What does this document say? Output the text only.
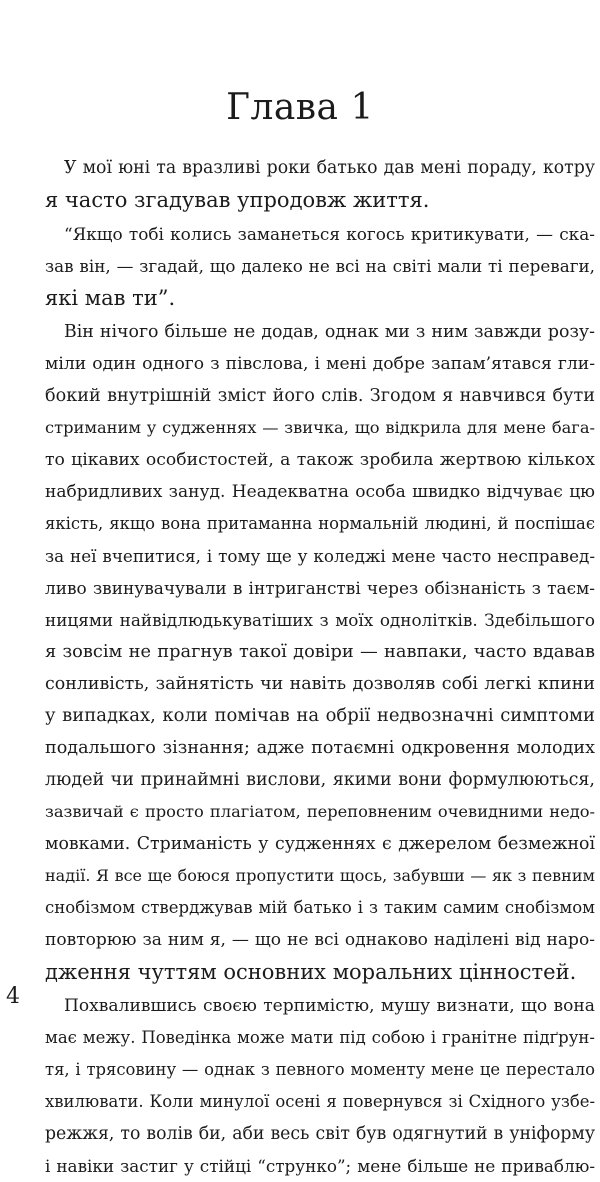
Глава 1
У мої юні та вразливі роки батько дав мені пораду, котру
я часто згадував упродовж життя.
“Якщо тобі колись заманеться когось критикувати, — ска-
зав він, — згадай, що далеко не всі на світі мали ті переваги,
які мав ти”.
Він нічого більше не додав, однак ми з ним завжди розу-
міли один одного з півслова, і мені добре запам’ятався гли-
бокий внутрішній зміст його слів. Згодом я навчився бути
стриманим у судженнях — звичка, що відкрила для мене бага-
то цікавих особистостей, а також зробила жертвою кількох
набридливих зануд. Неадекватна особа швидко відчуває цю
якість, якщо вона притаманна нормальній людині, й поспішає
за неї вчепитися, і тому ще у коледжі мене часто несправед-
ливо звинувачували в інтриганстві через обізнаність з таєм-
ницями найвідлюдькуватіших з моїх однолітків. Здебільшого
я зовсім не прагнув такої довіри — навпаки, часто вдавав
сонливість, зайнятість чи навіть дозволяв собі легкі кпини
у випадках, коли помічав на обрії недвозначні симптоми
подальшого зізнання; адже потаємні одкровення молодих
людей чи принаймні вислови, якими вони формулюються,
зазвичай є просто плагіатом, переповненим очевидними недо-
мовками. Стриманість у судженнях є джерелом безмежної
надії. Я все ще боюся пропустити щось, забувши — як з певним
снобізмом стверджував мій батько і з таким самим снобізмом
повторюю за ним я, — що не всі однаково наділені від наро-
дження чуттям основних моральних цінностей.
Похвалившись своєю терпимістю, мушу визнати, що вона
має межу. Поведінка може мати під собою і гранітне підґрун-
тя, і трясовину — однак з певного моменту мене це перестало
хвилювати. Коли минулої осені я повернувся зі Східного узбе-
режжя, то волів би, аби весь світ був одягнутий в уніформу
і навіки застиг у стійці “струнко”; мене більше не приваблю-
4
